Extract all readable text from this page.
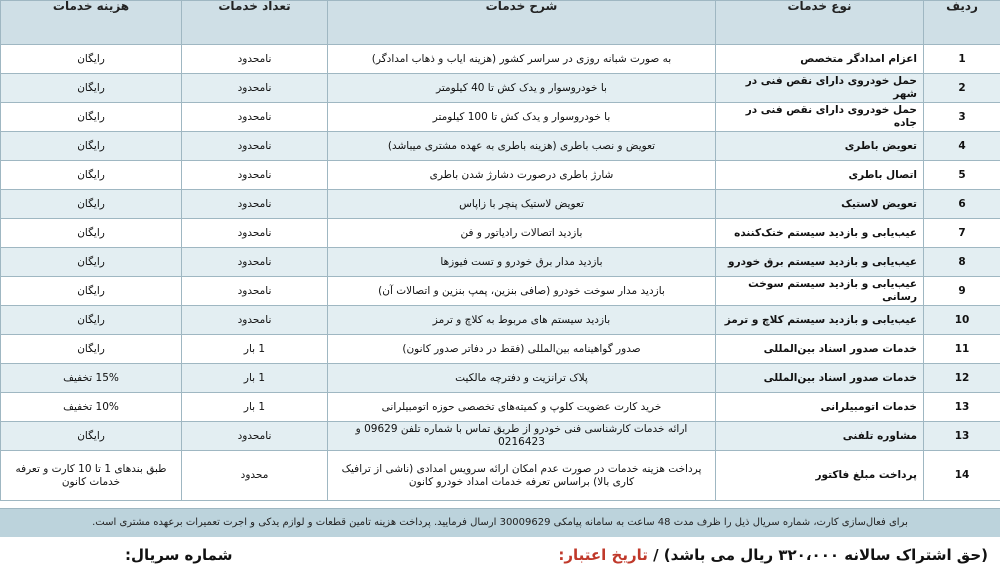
ردیف	نوع خدمات	شرح خدمات	تعداد خدمات	هزینه خدمات
1	اعزام امدادگر متخصص	به صورت شبانه روزی در سراسر کشور (هزینه ایاب و ذهاب امدادگر)	نامحدود	رایگان
2	حمل خودروی دارای نقص فنی در شهر	با خودروسوار و یدک کش تا 40 کیلومتر	نامحدود	رایگان
3	حمل خودروی دارای نقص فنی در جاده	با خودروسوار و یدک کش تا 100 کیلومتر	نامحدود	رایگان
4	تعویض باطری	تعویض و نصب باطری (هزینه باطری به عهده مشتری میباشد)	نامحدود	رایگان
5	اتصال باطری	شارژ باطری درصورت دشارژ شدن باطری	نامحدود	رایگان
6	تعویض لاستیک	تعویض لاستیک پنچر با زاپاس	نامحدود	رایگان
7	عیب‌یابی و بازدید سیستم خنک‌کننده	بازدید اتصالات رادیاتور و فن	نامحدود	رایگان
8	عیب‌یابی و بازدید سیستم برق خودرو	بازدید مدار برق خودرو و تست فیوزها	نامحدود	رایگان
9	عیب‌یابی و بازدید سیستم سوخت رسانی	بازدید مدار سوخت خودرو (صافی بنزین، پمپ بنزین و اتصالات آن)	نامحدود	رایگان
10	عیب‌یابی و بازدید سیستم کلاچ و ترمز	بازدید سیستم های مربوط به کلاچ و ترمز	نامحدود	رایگان
11	خدمات صدور اسناد بین‌المللی	صدور گواهینامه بین‌المللی (فقط در دفاتر صدور کانون)	1 بار	رایگان
12	خدمات صدور اسناد بین‌المللی	پلاک ترانزیت و دفترچه مالکیت	1 بار	15% تخفیف
13	خدمات اتومبیلرانی	خرید کارت عضویت کلوپ و کمیته‌های تخصصی حوزه اتومبیلرانی	1 بار	10% تخفیف
13	مشاوره تلفنی	ارائه خدمات کارشناسی فنی خودرو از طریق تماس با شماره تلفن 09629 و 0216423	نامحدود	رایگان
14	پرداخت مبلغ فاکتور	پرداخت هزینه خدمات در صورت عدم امکان ارائه سرویس امدادی (ناشی از ترافیک کاری بالا) براساس تعرفه خدمات امداد خودرو کانون	محدود	طبق بندهای 1 تا 10 کارت و تعرفه خدمات کانون
برای فعال‌سازی کارت، شماره سریال ذیل را ظرف مدت 48 ساعت به سامانه پیامکی 30009629 ارسال فرمایید. پرداخت هزینه تامین قطعات و لوازم یدکی و اجرت تعمیرات برعهده مشتری است.
(حق اشتراک سالانه ۳۲۰،۰۰۰ ریال می باشد) / تاریخ اعتبار:
شماره سریال:
